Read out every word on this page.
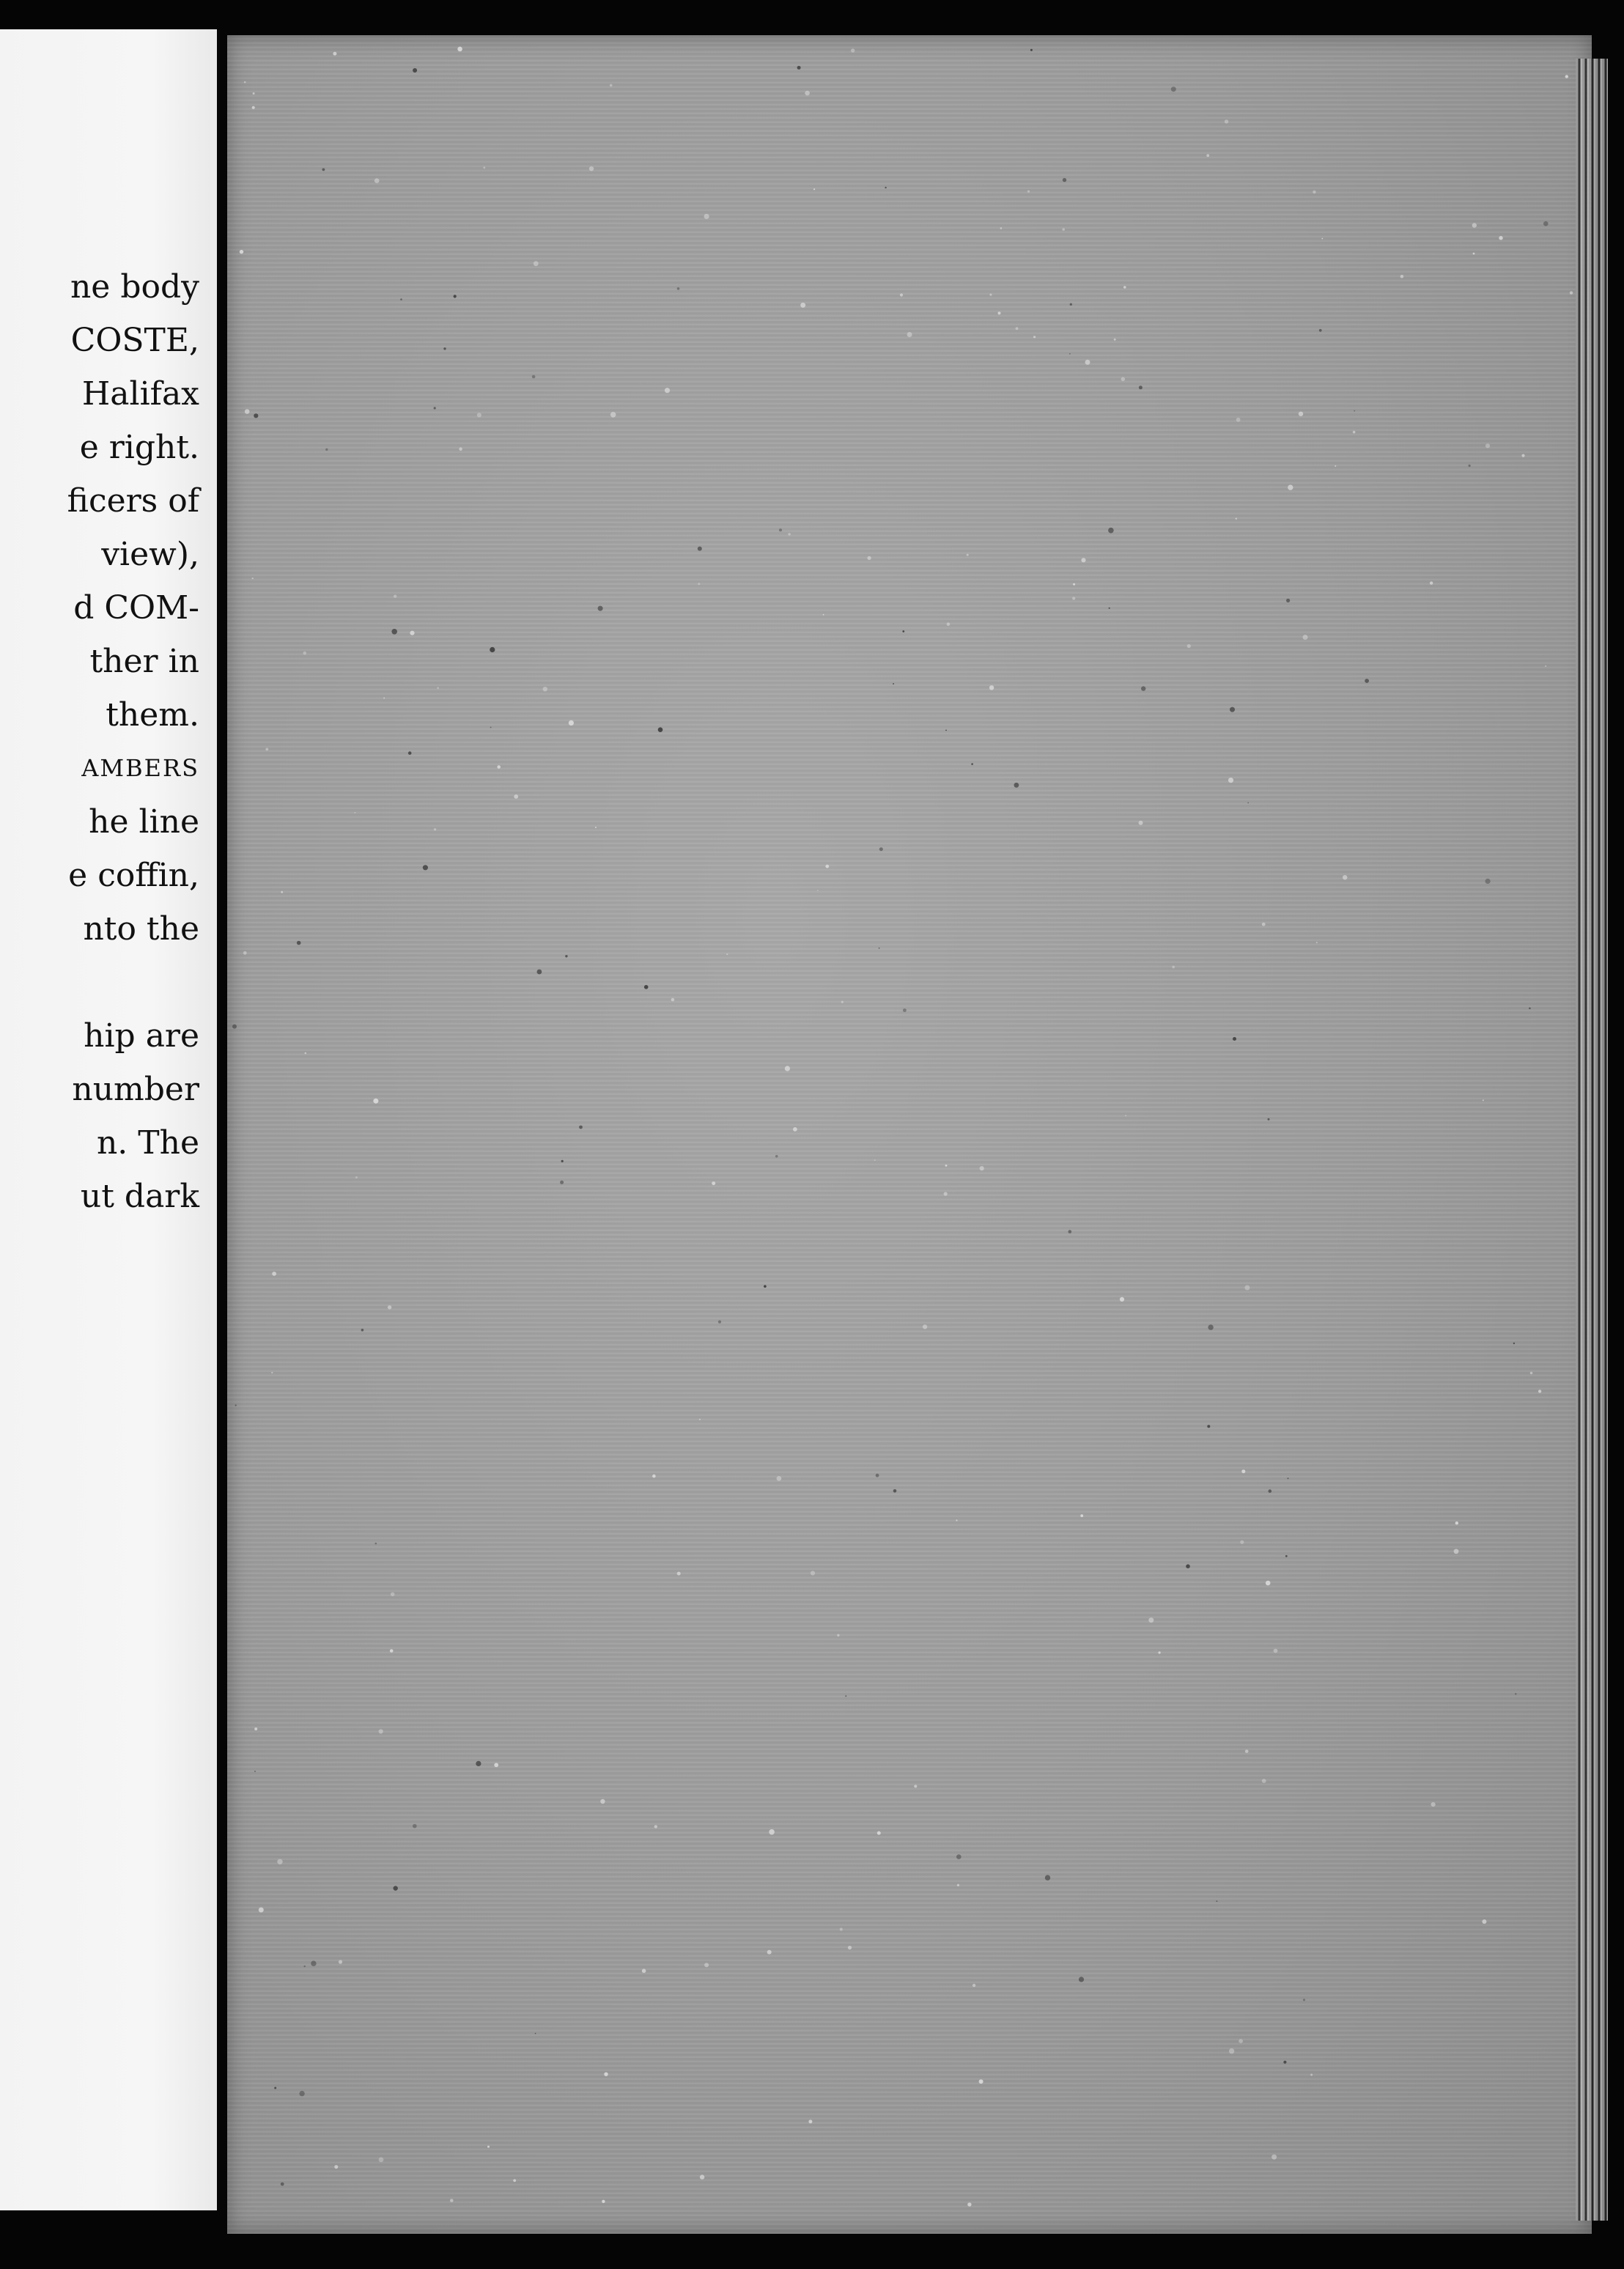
ne body
COSTE,
Halifax
e right.
ficers of
view),
d COM-
ther in
them.
AMBERS
he line
e coffin,
nto the
hip are
number
n. The
ut dark
